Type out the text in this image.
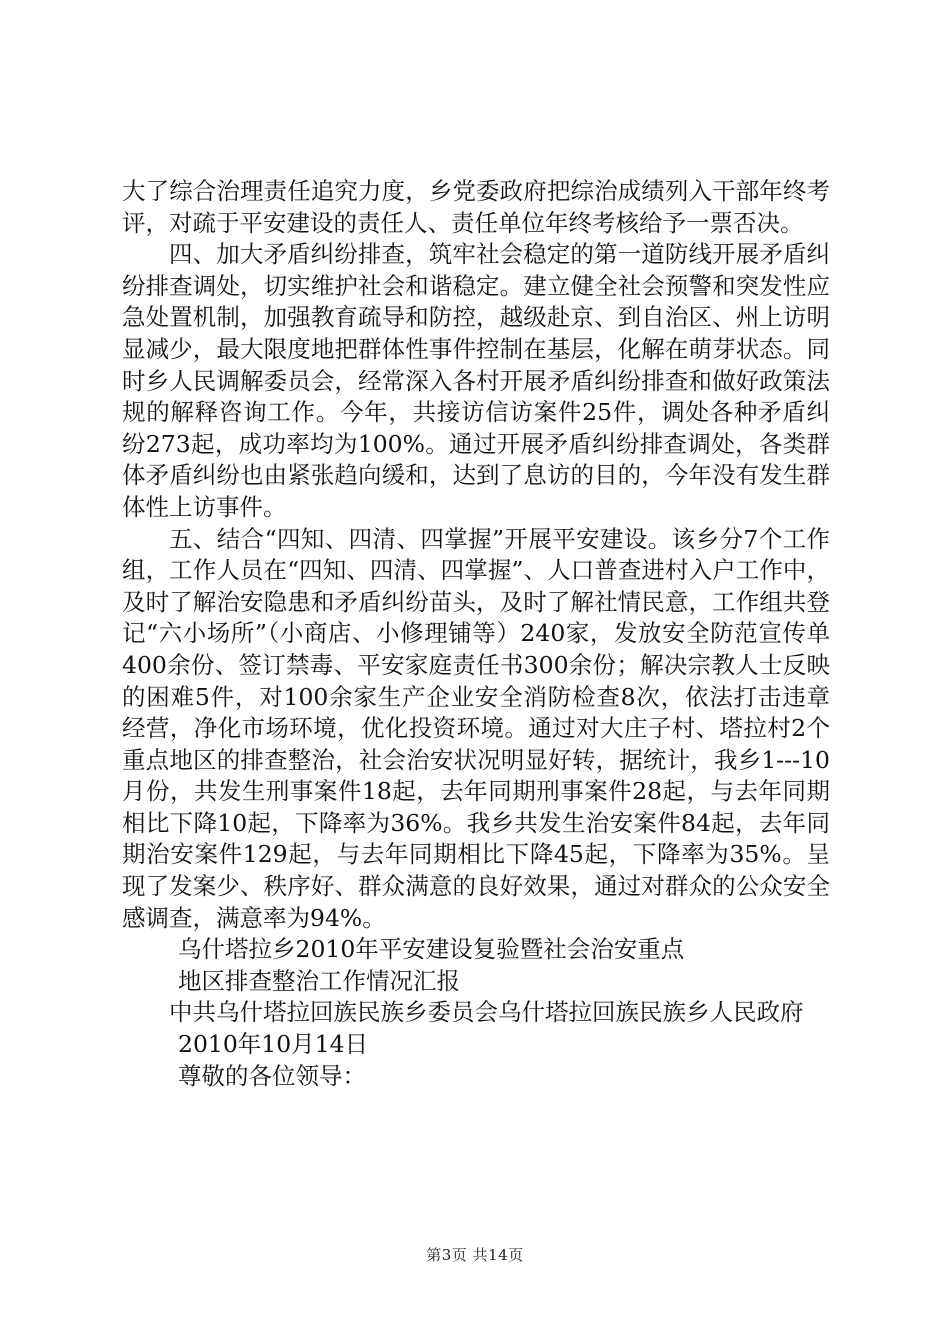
大了综合治理责任追究力度，乡党委政府把综治成绩列入干部年终考评，对疏于平安建设的责任人、责任单位年终考核给予一票否决。

四、加大矛盾纠纷排查，筑牢社会稳定的第一道防线开展矛盾纠纷排查调处，切实维护社会和谐稳定。建立健全社会预警和突发性应急处置机制，加强教育疏导和防控，越级赴京、到自治区、州上访明显减少，最大限度地把群体性事件控制在基层，化解在萌芽状态。同时乡人民调解委员会，经常深入各村开展矛盾纠纷排查和做好政策法规的解释咨询工作。今年，共接访信访案件25件，调处各种矛盾纠纷273起，成功率均为100%。通过开展矛盾纠纷排查调处，各类群体矛盾纠纷也由紧张趋向缓和，达到了息访的目的，今年没有发生群体性上访事件。

五、结合“四知、四清、四掌握”开展平安建设。该乡分7个工作组，工作人员在“四知、四清、四掌握”、人口普查进村入户工作中，及时了解治安隐患和矛盾纠纷苗头，及时了解社情民意，工作组共登记“六小场所”（小商店、小修理铺等）240家，发放安全防范宣传单400余份、签订禁毒、平安家庭责任书300余份；解决宗教人士反映的困难5件，对100余家生产企业安全消防检查8次，依法打击违章经营，净化市场环境，优化投资环境。通过对大庄子村、塔拉村2个重点地区的排查整治，社会治安状况明显好转，据统计，我乡1---10月份，共发生刑事案件18起，去年同期刑事案件28起，与去年同期相比下降10起，下降率为36%。我乡共发生治安案件84起，去年同期治安案件129起，与去年同期相比下降45起，下降率为35%。呈现了发案少、秩序好、群众满意的良好效果，通过对群众的公众安全感调查，满意率为94%。

乌什塔拉乡2010年平安建设复验暨社会治安重点

地区排查整治工作情况汇报

中共乌什塔拉回族民族乡委员会乌什塔拉回族民族乡人民政府

2010年10月14日

尊敬的各位领导：

第3页 共14页
